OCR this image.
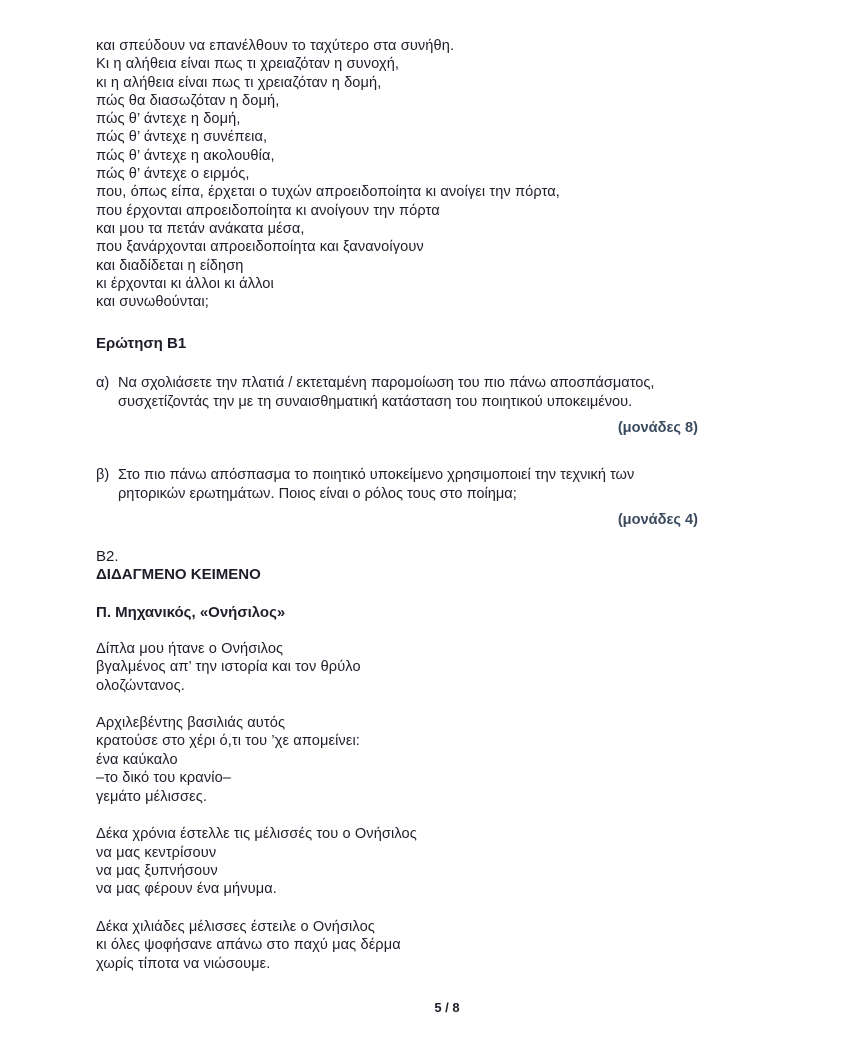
και σπεύδουν να επανέλθουν το ταχύτερο στα συνήθη.
Κι η αλήθεια είναι πως τι χρειαζόταν η συνοχή,
κι η αλήθεια είναι πως τι χρειαζόταν η δομή,
πώς θα διασωζόταν η δομή,
πώς θ’ άντεχε η δομή,
πώς θ’ άντεχε η συνέπεια,
πώς θ’ άντεχε η ακολουθία,
πώς θ’ άντεχε ο ειρμός,
που, όπως είπα, έρχεται ο τυχών απροειδοποίητα κι ανοίγει την πόρτα,
που έρχονται απροειδοποίητα κι ανοίγουν την πόρτα
και μου τα πετάν ανάκατα μέσα,
που ξανάρχονται απροειδοποίητα και ξανανοίγουν
και διαδίδεται η είδηση
κι έρχονται κι άλλοι κι άλλοι
και συνωθούνται;
Ερώτηση Β1
α) Να σχολιάσετε την πλατιά / εκτεταμένη παρομοίωση του πιο πάνω αποσπάσματος,
συσχετίζοντάς την με τη συναισθηματική κατάσταση του ποιητικού υποκειμένου.
(μονάδες 8)
β) Στο πιο πάνω απόσπασμα το ποιητικό υποκείμενο χρησιμοποιεί την τεχνική των
ρητορικών ερωτημάτων. Ποιος είναι ο ρόλος τους στο ποίημα;
(μονάδες 4)
Β2.
ΔΙΔΑΓΜΕΝΟ ΚΕΙΜΕΝΟ
Π. Μηχανικός, «Ονήσιλος»
Δίπλα μου ήτανε ο Ονήσιλος
βγαλμένος απ’ την ιστορία και τον θρύλο
ολοζώντανος.
Αρχιλεβέντης βασιλιάς αυτός
κρατούσε στο χέρι ό,τι του ’χε απομείνει:
ένα καύκαλο
–το δικό του κρανίο–
γεμάτο μέλισσες.
Δέκα χρόνια έστελλε τις μέλισσές του ο Ονήσιλος
να μας κεντρίσουν
να μας ξυπνήσουν
να μας φέρουν ένα μήνυμα.
Δέκα χιλιάδες μέλισσες έστειλε ο Ονήσιλος
κι όλες ψοφήσανε απάνω στο παχύ μας δέρμα
χωρίς τίποτα να νιώσουμε.
5 / 8
